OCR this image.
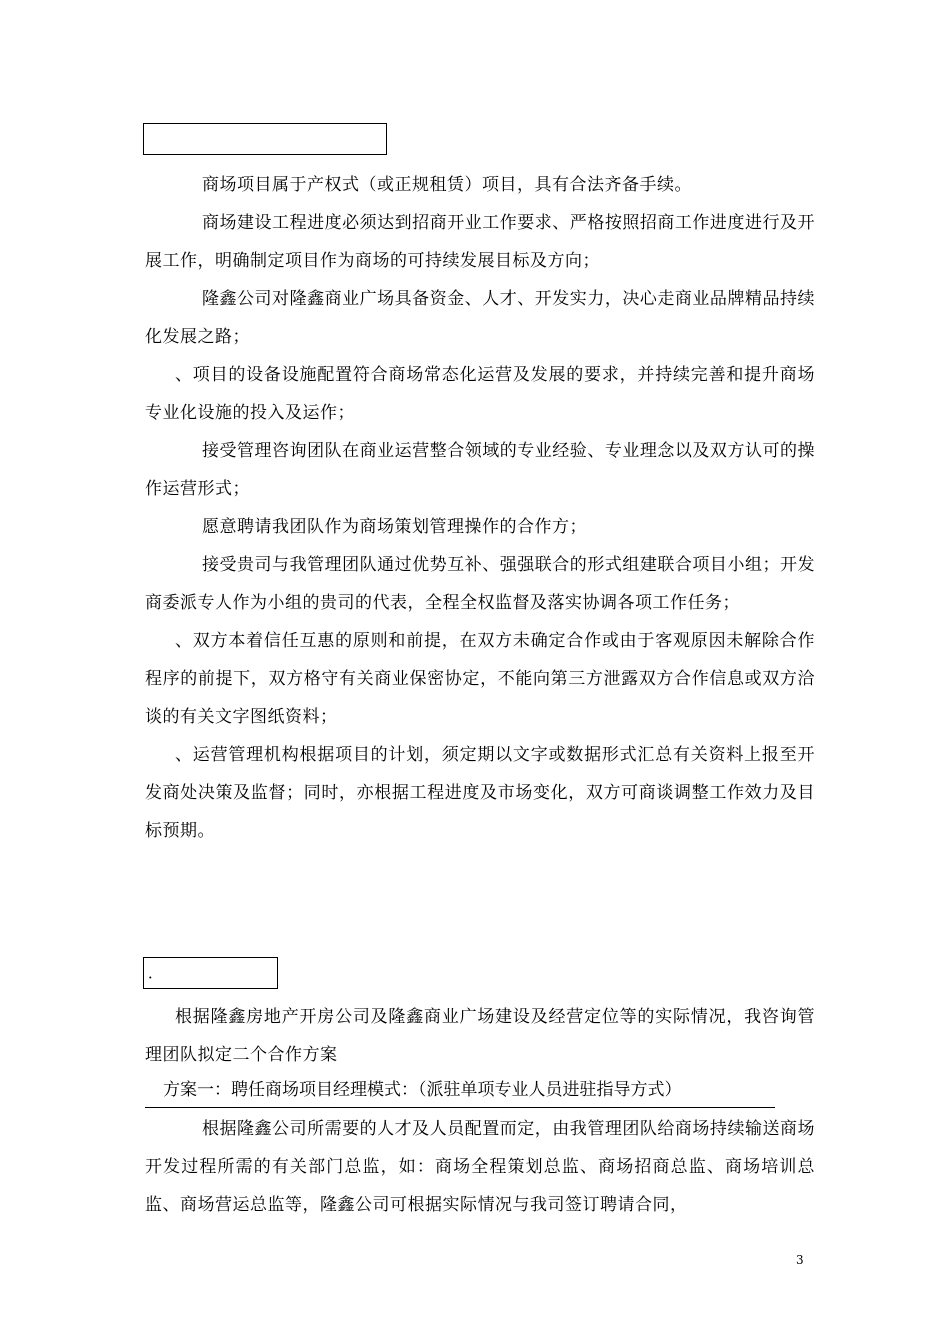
商场项目属于产权式（或正规租赁）项目，具有合法齐备手续。

商场建设工程进度必须达到招商开业工作要求、严格按照招商工作进度进行及开展工作，明确制定项目作为商场的可持续发展目标及方向；

隆鑫公司对隆鑫商业广场具备资金、人才、开发实力，决心走商业品牌精品持续化发展之路；

、项目的设备设施配置符合商场常态化运营及发展的要求，并持续完善和提升商场专业化设施的投入及运作；

接受管理咨询团队在商业运营整合领域的专业经验、专业理念以及双方认可的操作运营形式；

愿意聘请我团队作为商场策划管理操作的合作方；

接受贵司与我管理团队通过优势互补、强强联合的形式组建联合项目小组；开发商委派专人作为小组的贵司的代表，全程全权监督及落实协调各项工作任务；

、双方本着信任互惠的原则和前提，在双方未确定合作或由于客观原因未解除合作程序的前提下，双方格守有关商业保密协定，不能向第三方泄露双方合作信息或双方洽谈的有关文字图纸资料；

、运营管理机构根据项目的计划，须定期以文字或数据形式汇总有关资料上报至开发商处决策及监督；同时，亦根据工程进度及市场变化，双方可商谈调整工作效力及目标预期。

．

根据隆鑫房地产开房公司及隆鑫商业广场建设及经营定位等的实际情况，我咨询管理团队拟定二个合作方案

方案一：聘任商场项目经理模式：（派驻单项专业人员进驻指导方式）

根据隆鑫公司所需要的人才及人员配置而定，由我管理团队给商场持续输送商场开发过程所需的有关部门总监，如：商场全程策划总监、商场招商总监、商场培训总监、商场营运总监等，隆鑫公司可根据实际情况与我司签订聘请合同，

3
